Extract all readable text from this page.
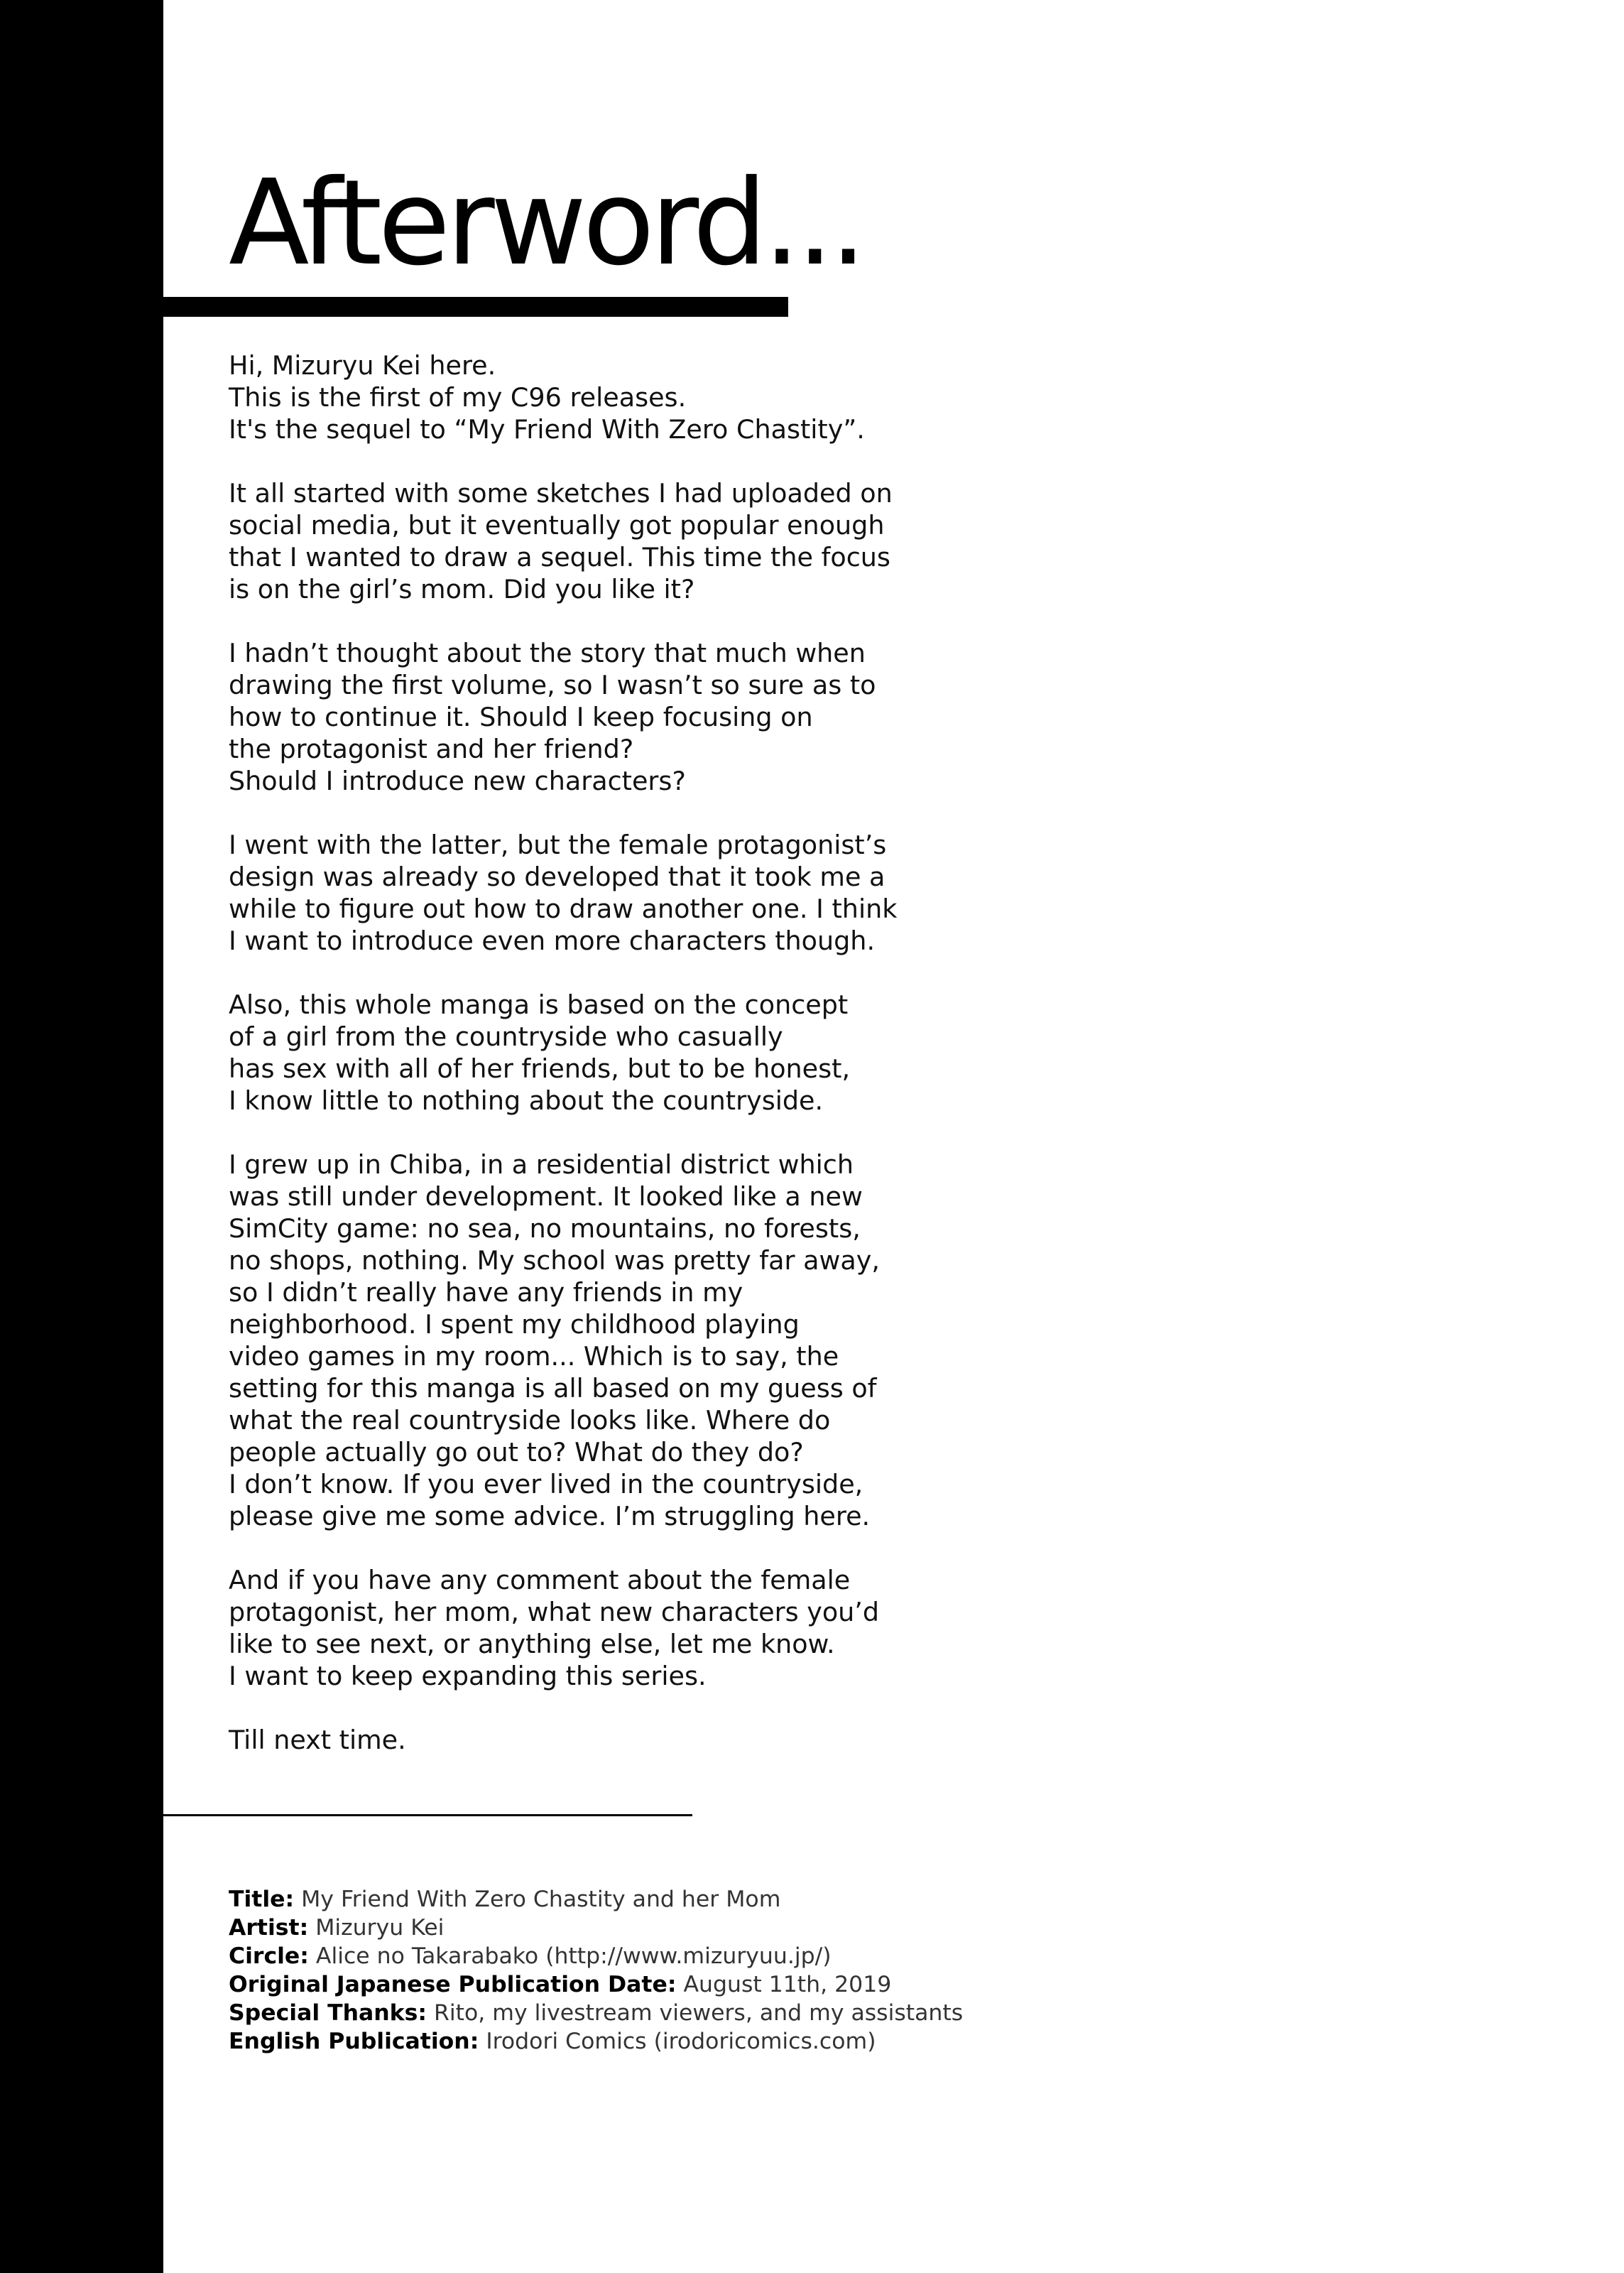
Afterword...

Hi, Mizuryu Kei here.
This is the first of my C96 releases.
It's the sequel to “My Friend With Zero Chastity”.

It all started with some sketches I had uploaded on
social media, but it eventually got popular enough
that I wanted to draw a sequel. This time the focus
is on the girl’s mom. Did you like it?

I hadn’t thought about the story that much when
drawing the first volume, so I wasn’t so sure as to
how to continue it. Should I keep focusing on
the protagonist and her friend?
Should I introduce new characters?

I went with the latter, but the female protagonist’s
design was already so developed that it took me a
while to figure out how to draw another one. I think
I want to introduce even more characters though.

Also, this whole manga is based on the concept
of a girl from the countryside who casually
has sex with all of her friends, but to be honest,
I know little to nothing about the countryside.

I grew up in Chiba, in a residential district which
was still under development. It looked like a new
SimCity game: no sea, no mountains, no forests,
no shops, nothing. My school was pretty far away,
so I didn’t really have any friends in my
neighborhood. I spent my childhood playing
video games in my room... Which is to say, the
setting for this manga is all based on my guess of
what the real countryside looks like. Where do
people actually go out to? What do they do?
I don’t know. If you ever lived in the countryside,
please give me some advice. I’m struggling here.

And if you have any comment about the female
protagonist, her mom, what new characters you’d
like to see next, or anything else, let me know.
I want to keep expanding this series.

Till next time.

Title: My Friend With Zero Chastity and her Mom
Artist: Mizuryu Kei
Circle: Alice no Takarabako (http://www.mizuryuu.jp/)
Original Japanese Publication Date: August 11th, 2019
Special Thanks: Rito, my livestream viewers, and my assistants
English Publication: Irodori Comics (irodoricomics.com)
